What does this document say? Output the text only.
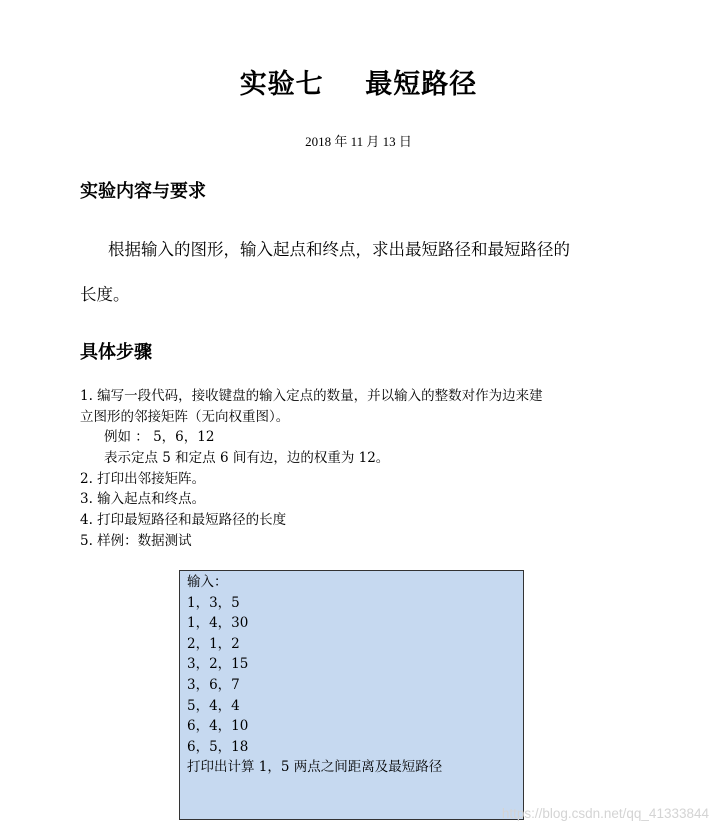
实验七    最短路径
2018 年 11 月 13 日
实验内容与要求
根据输入的图形，输入起点和终点，求出最短路径和最短路径的
长度。
具体步骤
1. 编写一段代码，接收键盘的输入定点的数量，并以输入的整数对作为边来建
立图形的邻接矩阵（无向权重图）。
例如 ： 5，6，12
表示定点 5 和定点 6 间有边，边的权重为 12。
2. 打印出邻接矩阵。
3. 输入起点和终点。
4. 打印最短路径和最短路径的长度
5. 样例：数据测试
输入：
1，3，5
1，4，30
2，1，2
3，2，15
3，6，7
5，4，4
6，4，10
6，5，18
打印出计算 1，5 两点之间距离及最短路径
https://blog.csdn.net/qq_41333844
